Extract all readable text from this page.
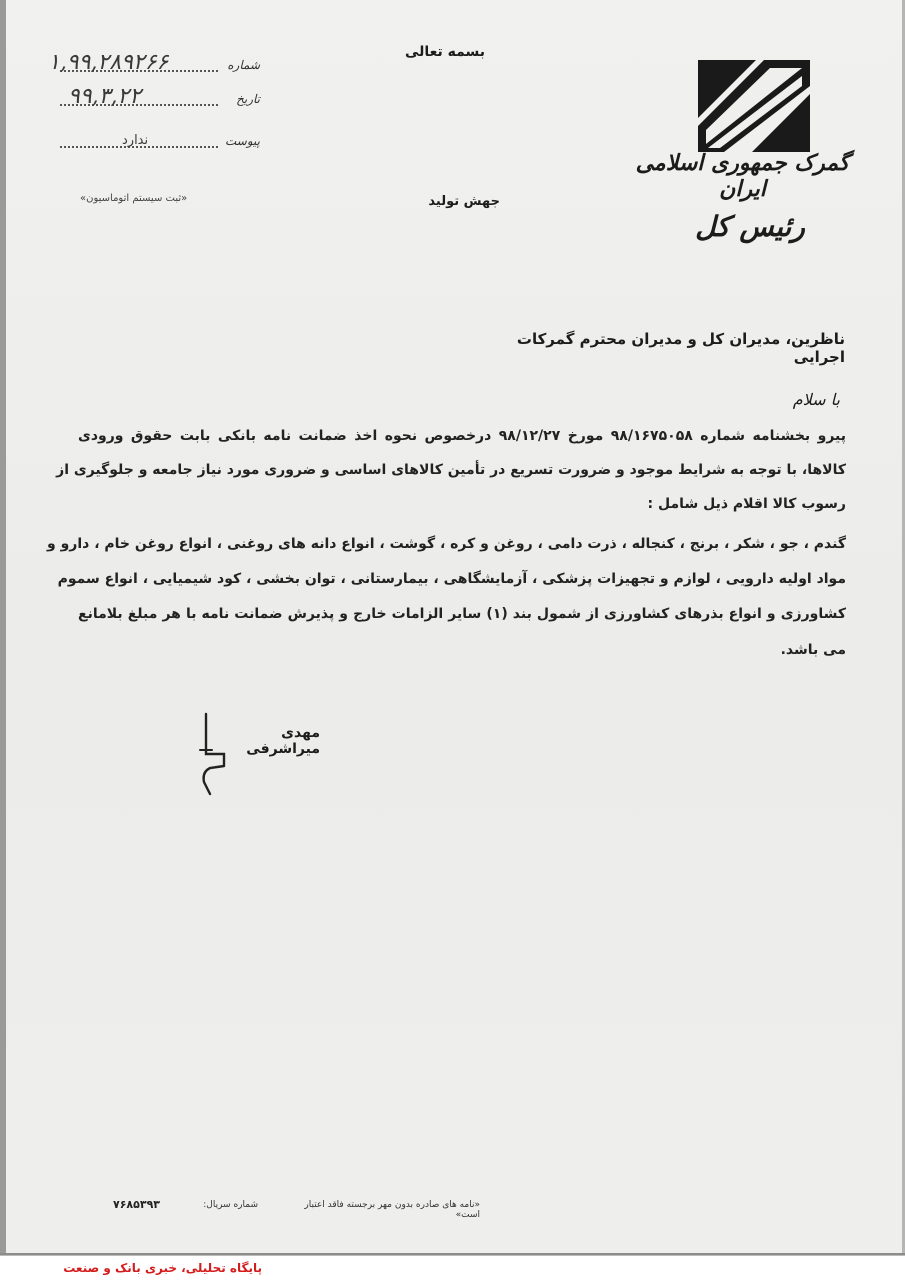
بسمه تعالی
شماره
۱,۹۹,۲۸۹۲۶۶
تاریخ
۹۹,۳,۲۲
پیوست
ندارد
«ثبت سیستم اتوماسیون»	جهش تولید
گمرک جمهوری اسلامی ایران
رئیس کل
ناظرین، مدیران کل و مدیران محترم گمرکات اجرایی
با سلام
پیرو بخشنامه شماره ۹۸/۱۶۷۵۰۵۸ مورخ ۹۸/۱۲/۲۷ درخصوص نحوه اخذ ضمانت نامه بانکی بابت حقوق ورودی
کالاها، با توجه به شرایط موجود و ضرورت تسریع در تأمین کالاهای اساسی و ضروری مورد نیاز جامعه و جلوگیری از
رسوب کالا اقلام ذیل شامل :
گندم ، جو ، شکر ، برنج ، کنجاله ، ذرت دامی ، روغن و کره ، گوشت ، انواع دانه های روغنی ، انواع روغن خام ، دارو و
مواد اولیه دارویی ، لوازم و تجهیزات پزشکی ، آزمایشگاهی ، بیمارستانی ، توان بخشی ، کود شیمیایی ، انواع سموم
کشاورزی و انواع بذرهای کشاورزی از شمول بند (۱) سایر الزامات خارج و پذیرش ضمانت نامه با هر مبلغ بلامانع
می باشد.
مهدی میراشرفی
«نامه های صادره بدون مهر برجسته فاقد اعتبار است»
شماره سریال:
۷۶۸۵۳۹۳
پایگاه تحلیلی، خبری بانک و صنعت
